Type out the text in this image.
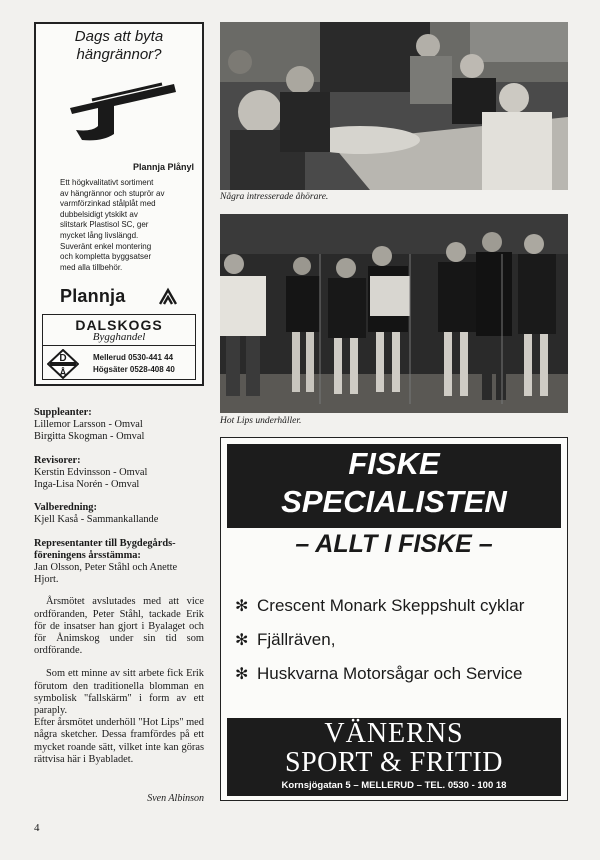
Dags att byta
hängrännor?
Plannja Plånyl
Ett högkvalitativt sortiment
av hängrännor och stuprör av
varmförzinkad stålplåt med
dubbelsidigt ytskikt av
slitstark Plastisol SC, ger
mycket lång livslängd.
Suveränt enkel montering
och kompletta byggsatser
med alla tillbehör.
Plannja
DALSKOGS
Bygghandel
D
Å
Mellerud 0530-441 44
Högsäter 0528-408 40
Suppleanter:
Lillemor Larsson - Omval
Birgitta Skogman - Omval
Revisorer:
Kerstin Edvinsson - Omval
Inga-Lisa Norén - Omval
Valberedning:
Kjell Kaså - Sammankallande
Representanter till Bygdegårds-
föreningens årsstämma:
Jan Olsson, Peter Ståhl och Anette
Hjort.

Årsmötet avslutades med att vice ordföranden, Peter Ståhl, tackade Erik för de insatser han gjort i Byalaget och för Ånimskog under sin tid som ordförande.

Som ett minne av sitt arbete fick Erik förutom den traditionella blomman en symbolisk "fallskärm" i form av ett paraply.

Efter årsmötet underhöll "Hot Lips" med några sketcher. Dessa framfördes på ett mycket roande sätt, vilket inte kan göras rättvisa här i Byabladet.

Sven Albinson
Några intresserade åhörare.
Hot Lips underhåller.
FISKE
SPECIALISTEN
– ALLT I FISKE –
✻ Crescent Monark Skeppshult cyklar
✻ Fjällräven,
✻ Huskvarna Motorsågar och Service
VÄNERNS
SPORT & FRITID
Kornsjögatan 5 – MELLERUD – TEL. 0530 - 100 18
4
